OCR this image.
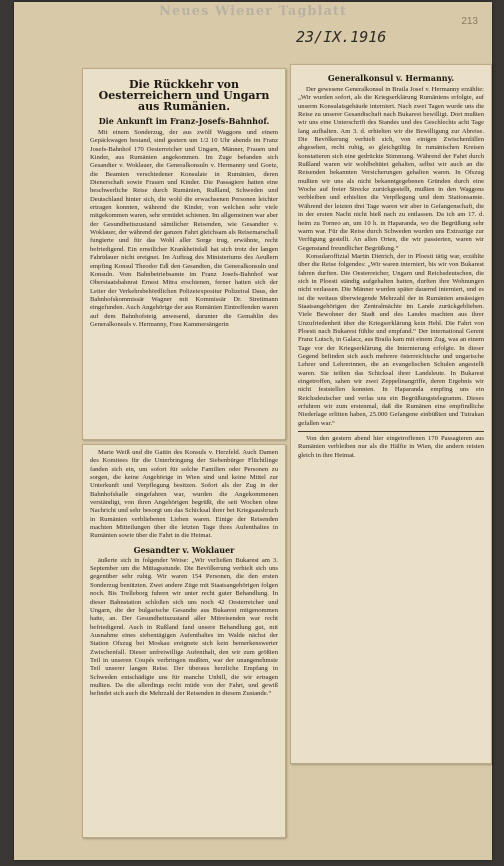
Neues Wiener Tagblatt
23/IX.1916
213
Die Rückkehr von Oesterreichern und Ungarn aus Rumänien.
Die Ankunft im Franz-Josefs-Bahnhof.

Mit einem Sonderzug, der aus zwölf Waggons und einem Gepäckwagen bestand, sind gestern um 1/2 10 Uhr abends im Franz Josefs-Bahnhof 170 Oesterreicher und Ungarn, Männer, Frauen und Kinder, aus Rumänien angekommen. Im Zuge befanden sich Gesandter v. Woklauer, die Generalkonsuln v. Hermanny und Goetz, die Beamten verschiedener Konsulate in Rumänien, deren Dienerschaft sowie Frauen und Kinder. Die Passagiere hatten eine beschwerliche Reise durch Rumänien, Rußland, Schweden und Deutschland hinter sich, die wohl die erwachsenen Personen leichter ertragen konnten, während die Kinder, von welchen sehr viele mitgekommen waren, sehr ermüdet schienen. Im allgemeinen war aber der Gesundheitszustand sämtlicher Reisenden, wie Gesandter v. Woklauer, der während der ganzen Fahrt gleichsam als Reisemarschall fungierte und für das Wohl aller Sorge trug, erwähnte, recht befriedigend. Ein ernstlicher Krankheitsfall hat sich trotz der langen Fahrtdauer nicht ereignet. Im Auftrag des Ministeriums des Aeußern empfing Konsul Theodor Edl den Gesandten, die Generalkonsuln und Konsuln. Vom Bahnbetriebsamte im Franz Josefs-Bahnhof war Oberstaatsbahnrat Ernest Mitra erschienen, ferner hatten sich der Leiter der Verkehrsbehördlichen Polizeiexpositur Polizeiral Daus, der Bahnhofskommissär Wagner mit Kommissär Dr. Streitmann eingefunden. Auch Angehörige der aus Rumänien Eintreffenden waren auf dem Bahnhofsteig anwesend, darunter die Gemahlin des Generalkonsuls v. Hermanny, Frau Kammersängerin

Marie Weiß und die Gattin des Konsuls v. Herzfeld. Auch Damen des Komitees für die Unterbringung der Siebenbürger Flüchtlinge fanden sich ein, um sofort für solche Familien oder Personen zu sorgen, die keine Angehörige in Wien sind und keine Mittel zur Unterkunft und Verpflegung besitzen. Sofort als der Zug in der Bahnhofshalle eingefahren war, wurden die Angekommenen verständigt, von ihren Angehörigen begrüßt, die seit Wochen ohne Nachricht und sehr besorgt um das Schicksal ihrer bei Kriegsausbruch in Rumänien verbliebenen Lieben waren. Einige der Reisenden machten Mitteilungen über die letzten Tage ihres Aufenthaltes in Rumänien sowie über die Fahrt in die Heimat.

Gesandter v. Woklauer

äußerte sich in folgender Weise: „Wir verließen Bukarest am 3. September um die Mittagsstunde. Die Bevölkerung verhielt sich uns gegenüber sehr ruhig. Wir waren 154 Personen, die den ersten Sonderzug benützten. Zwei andere Züge mit Staatsangehörigen folgen noch. Bis Trelleborg fuhren wir unter recht guter Behandlung. In dieser Bahnstation schloßen sich uns noch 42 Oesterreicher und Ungarn, die der bulgarische Gesandte aus Bukarest mitgenommen hatte, an. Der Gesundheitszustand aller Mitreisenden war recht befriedigend. Auch in Rußland fand unsere Behandlung gut, mit Ausnahme eines siebentägigen Aufenthaltes im Walde nächst der Station Ofszug bei Moskau ereignete sich kein bemerkenswerter Zwischenfall. Dieser unfreiwillige Aufenthalt, den wir zum größten Teil in unseren Coupés verbringen mußten, war der unangenehmste Teil unserer langen Reise. Der überaus herzliche Empfang in Schweden entschädigte uns für manche Unbill, die wir ertragen mußten. Da die allerdings recht müde von der Fahrt, und gewiß befindet sich auch die Mehrzahl der Reisenden in diesem Zustande.“

Generalkonsul v. Hermanny.

Der gewesene Generalkonsul in Braila Josef v. Hermanny erzählte: „Wir wurden sofort, als die Kriegserklärung Rumäniens erfolgte, auf unserm Konsulatsgebäude interniert. Nach zwei Tagen wurde uns die Reise zu unserer Gesandtschaft nach Bukarest bewilligt. Dort mußten wir uns eine Unterschrift des Standes und des Geschlechts acht Tage lang aufhalten. Am 3. d. erhielten wir die Bewilligung zur Abreise. Die Bevölkerung verhielt sich, von einigen Zwischenfällen abgesehen, recht ruhig, so gleichgültig. In rumänischen Kreisen konstatieren sich eine gedrückte Stimmung. Während der Fahrt durch Rußland waren wir wohlbehütet gehalten, selbst wir auch an die Reisenden bekannten Versicherungen gehalten waren. In Ofszug mußten wir uns als nicht bekanntgegebenen Gründen durch eine Woche auf freier Strecke zurückgestellt, mußten in den Waggons verbleiben und erhielten die Verpflegung und dem Stationsamte. Während der letzten drei Tage waren wir aber in Gefangenschaft, die in der ersten Nacht nicht hieß nach zu entlassen. Da ich am 17. d. heim zu Torneo an, um 10 h. in Haparanda, wo die Begrüßung sehr warm war. Für die Reise durch Schweden wurden uns Extrazüge zur Verfügung gestellt. An allen Orten, die wir passierten, waren wir Gegenstand freundlicher Begrüßung.“

Konsularoffizial Martin Dietrich, der in Ploesti tätig war, erzählte über die Reise folgendes: „Wir waren interniert, bis wir von Bukarest fahren durften. Die Oesterreicher, Ungarn und Reichsdeutschen, die sich in Ploesti ständig aufgehalten hatten, durften ihre Wohnungen nicht verlassen. Die Männer wurden später dauernd interniert, und es ist die weitaus überwiegende Mehrzahl der in Rumänien ansässigen Staatsangehörigen der Zentralmächte im Lande zurückgeblieben. Viele Bewohner der Stadt und des Landes machten aus ihrer Unzufriedenheit über die Kriegserklärung kein Hehl. Die Fahrt von Ploesti nach Bukarest fühlte und empfand.“ Der international Gerent Franz Lutsch, in Galacz, aus Braila kam mit einem Zug, was an einem Tage vor der Kriegserklärung die Internierung erfolgte. In dieser Gegend befinden sich auch mehrere österreichische und ungarische Lehrer und Lehrerinnen, die an evangelischen Schulen angestellt waren. Sie teilten das Schicksal ihrer Landsleute. In Bukarest eingetroffen, sahen wir zwei Zeppelinangriffe, deren Ergebnis wir nicht feststellen konnten. In Haparanda empfing uns ein Reichsdeutscher und verlas uns ein Begrüßungstelegramm. Dieses erfuhren wir zum erstenmal, daß die Rumänen eine empfindliche Niederlage erlitten haben, 25.000 Gefangene einbüßten und Tutrakan gefallen war.“

Von den gestern abend hier eingetroffenen 170 Passagieren aus Rumänien verbleiben nur als die Hälfte in Wien, die andern reisten gleich in ihre Heimat.
